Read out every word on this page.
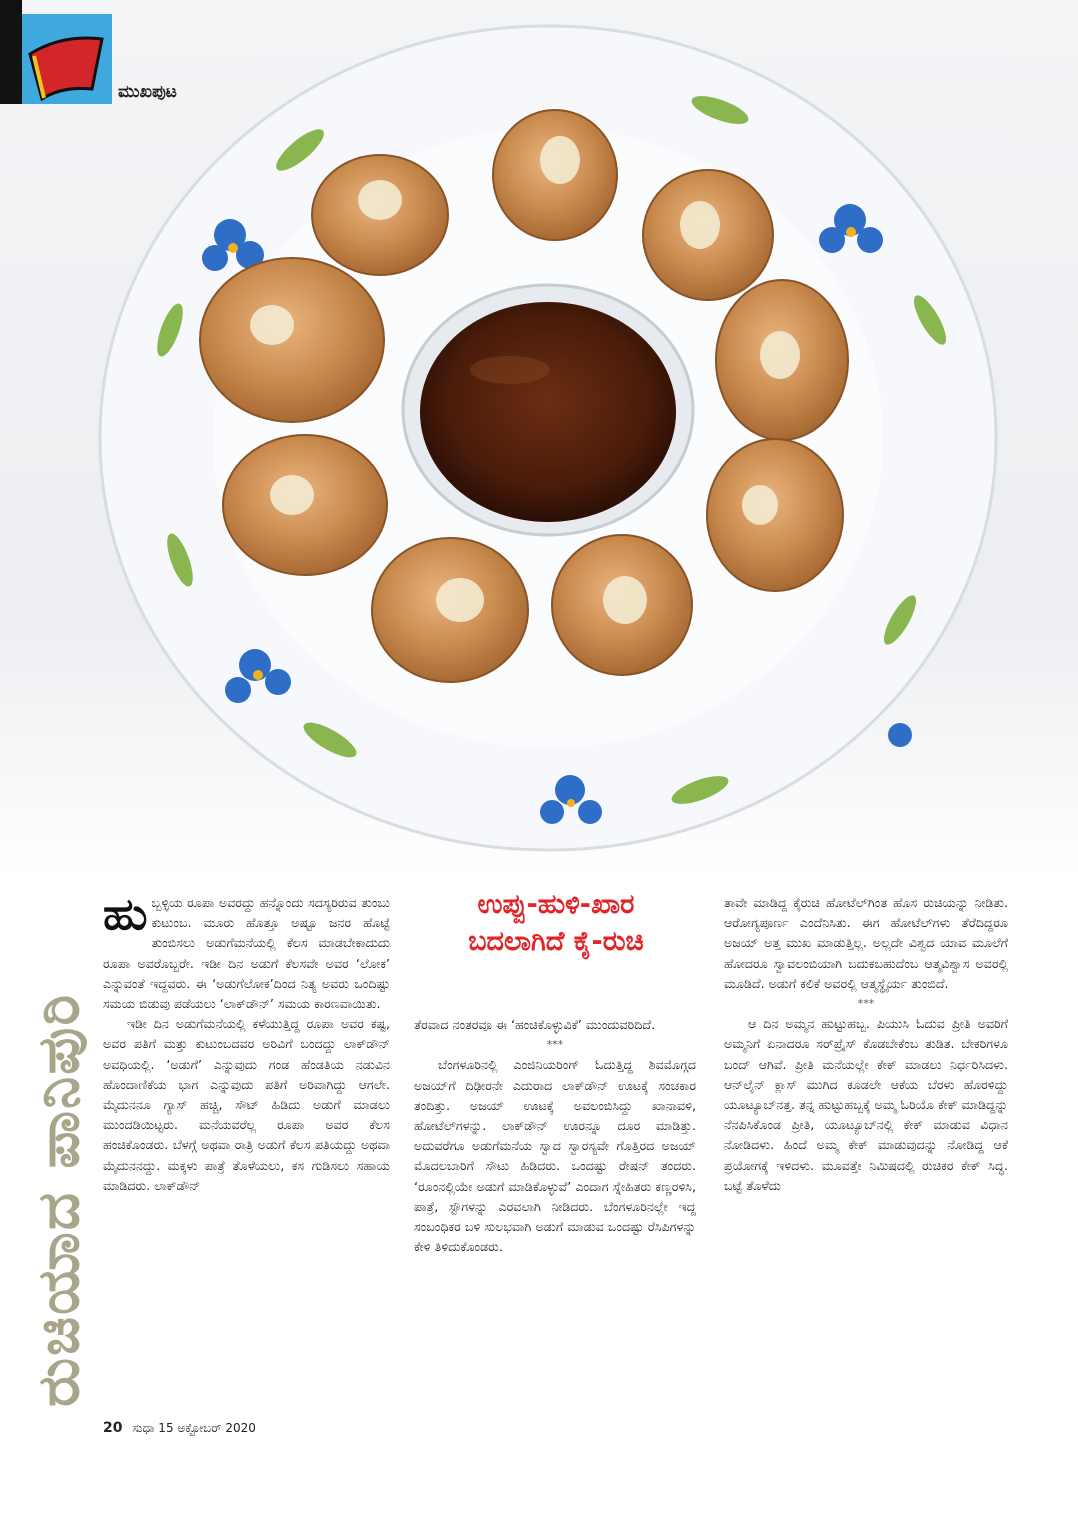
ಮುಖಪುಟ
ರುಚಿಯಾದ ಪಾನಿಪುರಿ
ಹು ಬ್ಬಳ್ಳಿಯ ರೂಪಾ ಅವರದ್ದು ಹನ್ನೊಂದು ಸದಸ್ಯರಿರುವ ತುಂಬು ಕುಟುಂಬ. ಮೂರು ಹೊತ್ತೂ ಅಷ್ಟೂ ಜನರ ಹೊಟ್ಟೆ ತುಂಬಿಸಲು ಅಡುಗೆಮನೆಯಲ್ಲಿ ಕೆಲಸ ಮಾಡಬೇಕಾದುದು ರೂಪಾ ಅವರೊಬ್ಬರೇ. ಇಡೀ ದಿನ ಅಡುಗೆ ಕೆಲಸವೇ ಅವರ ‘ಲೋಕ’ ಎನ್ನುವಂತೆ ಇದ್ದವರು. ಈ ‘ಅಡುಗೆಲೋಕ’ದಿಂದ ನಿತ್ಯ ಅವರು ಒಂದಿಷ್ಟು ಸಮಯ ಬಿಡುವು ಪಡೆಯಲು ‘ಲಾಕ್‌ಡೌನ್’ ಸಮಯ ಕಾರಣವಾಯಿತು.

ಇಡೀ ದಿನ ಅಡುಗೆಮನೆಯಲ್ಲಿ ಕಳೆಯುತ್ತಿದ್ದ ರೂಪಾ ಅವರ ಕಷ್ಟ, ಅವರ ಪತಿಗೆ ಮತ್ತು ಕುಟುಂಬದವರ ಅರಿವಿಗೆ ಬಂದದ್ದು ಲಾಕ್‌ಡೌನ್ ಅವಧಿಯಲ್ಲಿ. ‘ಅಡುಗೆ’ ಎನ್ನುವುದು ಗಂಡ ಹೆಂಡತಿಯ ನಡುವಿನ ಹೊಂದಾಣಿಕೆಯ ಭಾಗ ಎನ್ನುವುದು ಪತಿಗೆ ಅರಿವಾಗಿದ್ದು ಆಗಲೇ. ಮೈದುನನೂ ಗ್ಯಾಸ್ ಹಚ್ಚಿ, ಸೌಟ್ ಹಿಡಿದು ಅಡುಗೆ ಮಾಡಲು ಮುಂದಡಿಯಿಟ್ಟರು. ಮನೆಯವರೆಲ್ಲ ರೂಪಾ ಅವರ ಕೆಲಸ ಹಂಚಿಕೊಂಡರು. ಬೆಳಗ್ಗೆ ಅಥವಾ ರಾತ್ರಿ ಅಡುಗೆ ಕೆಲಸ ಪತಿಯದ್ದು ಅಥವಾ ಮೈದುನನದ್ದು. ಮಕ್ಕಳು ಪಾತ್ರೆ ತೊಳೆಯಲು, ಕಸ ಗುಡಿಸಲು ಸಹಾಯ ಮಾಡಿದರು. ಲಾಕ್‌ಡೌನ್

ಉಪ್ಪು-ಹುಳಿ-ಖಾರ
ಬದಲಾಗಿದೆ ಕೈ-ರುಚಿ

ತೆರವಾದ ನಂತರವೂ ಈ ‘ಹಂಚಿಕೊಳ್ಳುವಿಕೆ’ ಮುಂದುವರಿದಿದೆ.

***

ಬೆಂಗಳೂರಿನಲ್ಲಿ ಎಂಜಿನಿಯರಿಂಗ್ ಓದುತ್ತಿದ್ದ ಶಿವಮೊಗ್ಗದ ಅಜಯ್‌ಗೆ ದಿಢೀರನೇ ಎದುರಾದ ಲಾಕ್‌ಡೌನ್ ಊಟಕ್ಕೆ ಸಂಚಕಾರ ತಂದಿತ್ತು. ಅಜಯ್ ಊಟಕ್ಕೆ ಅವಲಂಬಿಸಿದ್ದು ಖಾನಾವಳಿ, ಹೋಟೆಲ್‌ಗಳನ್ನು. ಲಾಕ್‌ಡೌನ್ ಊರನ್ನೂ ದೂರ ಮಾಡಿತ್ತು. ಅದುವರೆಗೂ ಅಡುಗೆಮನೆಯ ಸ್ವಾದ ಸ್ವಾರಸ್ಯವೇ ಗೊತ್ತಿರದ ಅಜಯ್ ಮೊದಲಬಾರಿಗೆ ಸೌಟು ಹಿಡಿದರು. ಒಂದಷ್ಟು ರೇಷನ್ ತಂದರು. ‘ರೂಂನಲ್ಲಿಯೇ ಅಡುಗೆ ಮಾಡಿಕೊಳ್ಳುವೆ’ ಎಂದಾಗ ಸ್ನೇಹಿತರು ಕಣ್ಣರಳಿಸಿ, ಪಾತ್ರೆ, ಸ್ಟೌಗಳನ್ನು ಎರವಲಾಗಿ ನೀಡಿದರು. ಬೆಂಗಳೂರಿನಲ್ಲೇ ಇದ್ದ ಸಂಬಂಧಿಕರ ಬಳಿ ಸುಲಭವಾಗಿ ಅಡುಗೆ ಮಾಡುವ ಒಂದಷ್ಟು ರೆಸಿಪಿಗಳನ್ನು ಕೇಳಿ ತಿಳಿದುಕೊಂಡರು.

ತಾವೇ ಮಾಡಿದ್ದ ಕೈರುಚಿ ಹೋಟೆಲ್‌ಗಿಂತ ಹೊಸ ರುಚಿಯನ್ನು ನೀಡಿತು. ಆರೋಗ್ಯಪೂರ್ಣ ಎಂದೆನಿಸಿತು. ಈಗ ಹೋಟೆಲ್‌ಗಳು ತೆರೆದಿದ್ದರೂ ಅಜಯ್ ಅತ್ತ ಮುಖ ಮಾಡುತ್ತಿಲ್ಲ. ಅಲ್ಲದೇ ವಿಶ್ವದ ಯಾವ ಮೂಲೆಗೆ ಹೋದರೂ ಸ್ವಾವಲಂಬಿಯಾಗಿ ಬದುಕಬಹುದೆಂಬ ಆತ್ಮವಿಶ್ವಾಸ ಅವರಲ್ಲಿ ಮೂಡಿದೆ. ಅಡುಗೆ ಕಲಿಕೆ ಅವರಲ್ಲಿ ಆತ್ಮಸ್ಥೈರ್ಯ ತುಂಬಿದೆ.

***

ಆ ದಿನ ಅಮ್ಮನ ಹುಟ್ಟುಹಬ್ಬ. ಪಿಯುಸಿ ಓದುವ ಪ್ರೀತಿ ಅವರಿಗೆ ಅಮ್ಮನಿಗೆ ಏನಾದರೂ ಸರ್‌ಪ್ರೈಸ್ ಕೊಡಬೇಕೆಂಬ ತುಡಿತ. ಬೇಕರಿಗಳೂ ಬಂದ್ ಆಗಿವೆ. ಪ್ರೀತಿ ಮನೆಯಲ್ಲೇ ಕೇಕ್ ಮಾಡಲು ನಿರ್ಧರಿಸಿದಳು. ಆನ್‌ಲೈನ್ ಕ್ಲಾಸ್ ಮುಗಿದ ಕೂಡಲೇ ಆಕೆಯ ಬೆರಳು ಹೊರಳಿದ್ದು ಯೂಟ್ಯೂಬ್‌ನತ್ತ. ತನ್ನ ಹುಟ್ಟುಹಬ್ಬಕ್ಕೆ ಅಮ್ಮ ಓರಿಯೊ ಕೇಕ್ ಮಾಡಿದ್ದನ್ನು ನೆನಪಿಸಿಕೊಂಡ ಪ್ರೀತಿ, ಯೂಟ್ಯೂಬ್‌ನಲ್ಲಿ ಕೇಕ್ ಮಾಡುವ ವಿಧಾನ ನೋಡಿದಳು. ಹಿಂದೆ ಅಮ್ಮ ಕೇಕ್ ಮಾಡುವುದನ್ನು ನೋಡಿದ್ದ ಆಕೆ ಪ್ರಯೋಗಕ್ಕೆ ಇಳಿದಳು. ಮೂವತ್ತೇ ನಿಮಿಷದಲ್ಲಿ ರುಚಿಕರ ಕೇಕ್ ಸಿದ್ಧ. ಬಟ್ಟೆ ತೊಳೆದು

20 ಸುಧಾ 15 ಅಕ್ಟೋಬರ್ 2020
